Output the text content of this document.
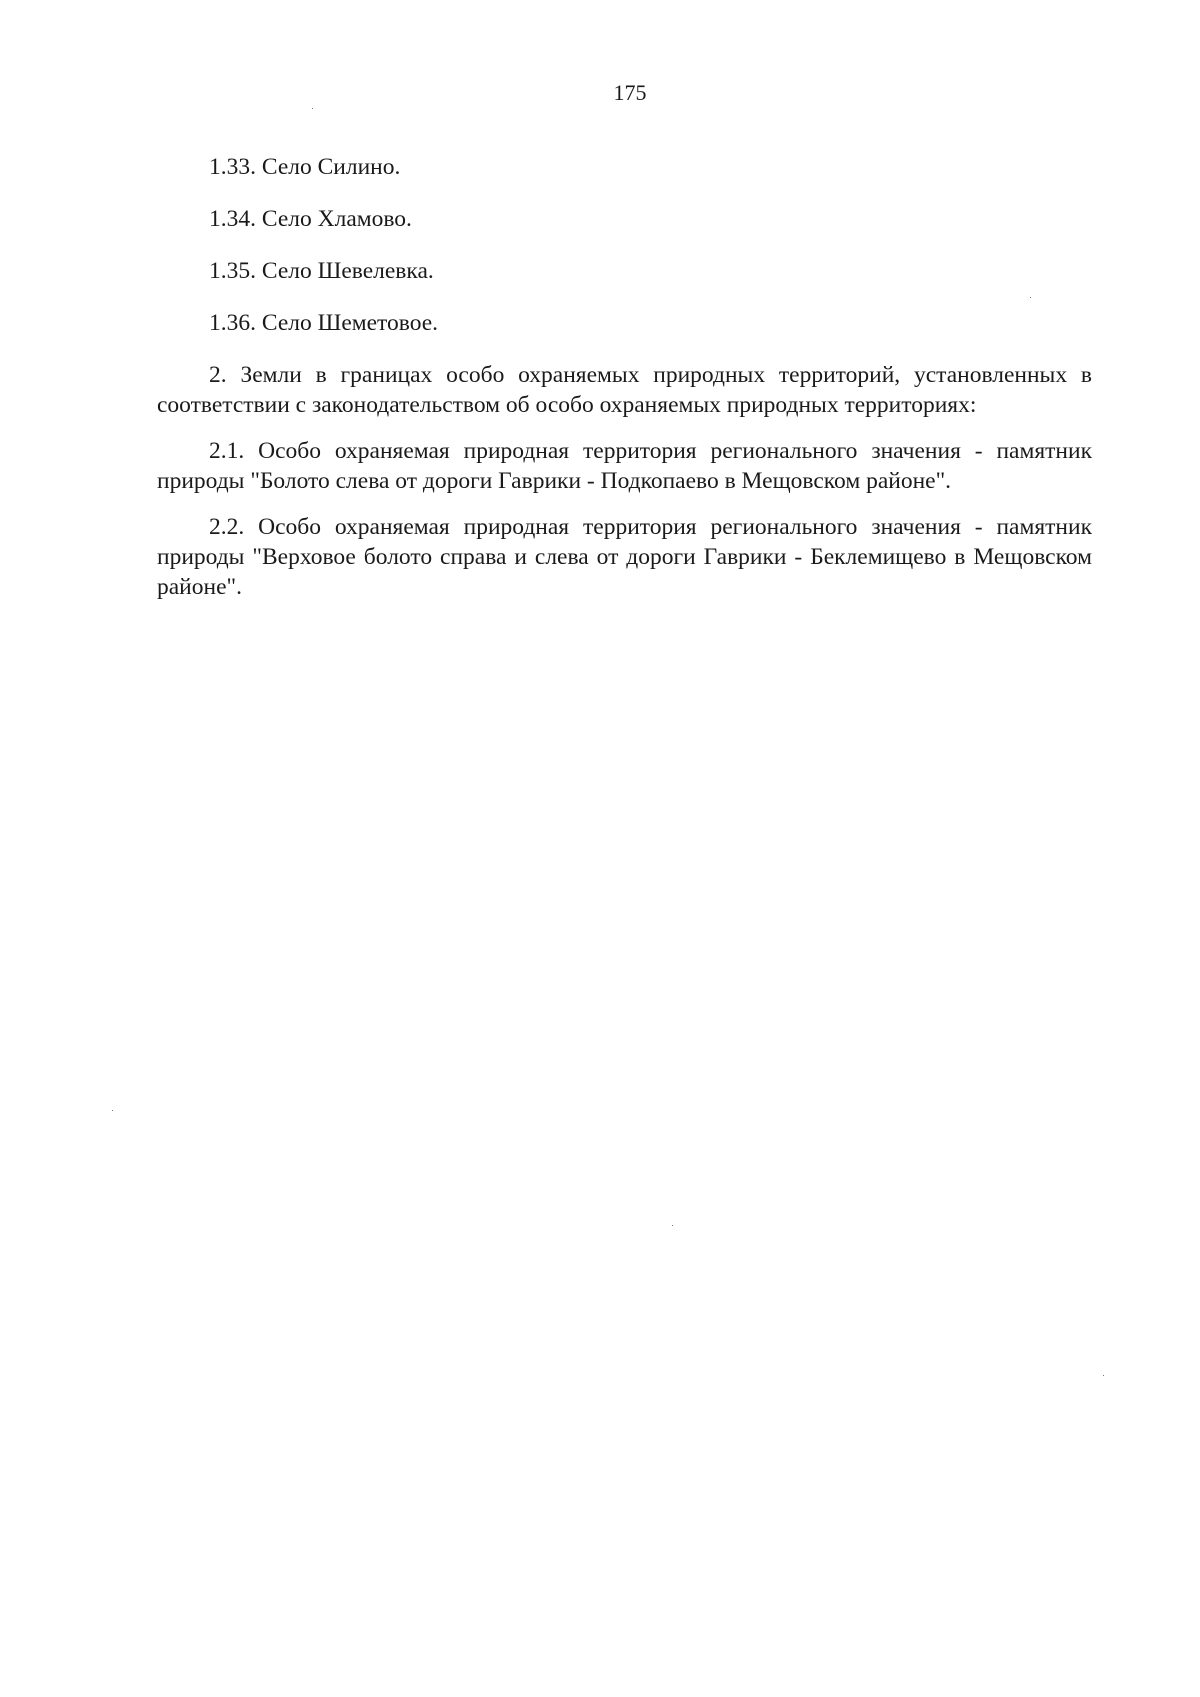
175

1.33. Село Силино.

1.34. Село Хламово.

1.35. Село Шевелевка.

1.36. Село Шеметовое.

2. Земли в границах особо охраняемых природных территорий, установленных в соответствии с законодательством об особо охраняемых природных территориях:

2.1. Особо охраняемая природная территория регионального значения - памятник природы "Болото слева от дороги Гаврики - Подкопаево в Мещовском районе".

2.2. Особо охраняемая природная территория регионального значения - памятник природы "Верховое болото справа и слева от дороги Гаврики - Беклемищево в Мещовском районе".
